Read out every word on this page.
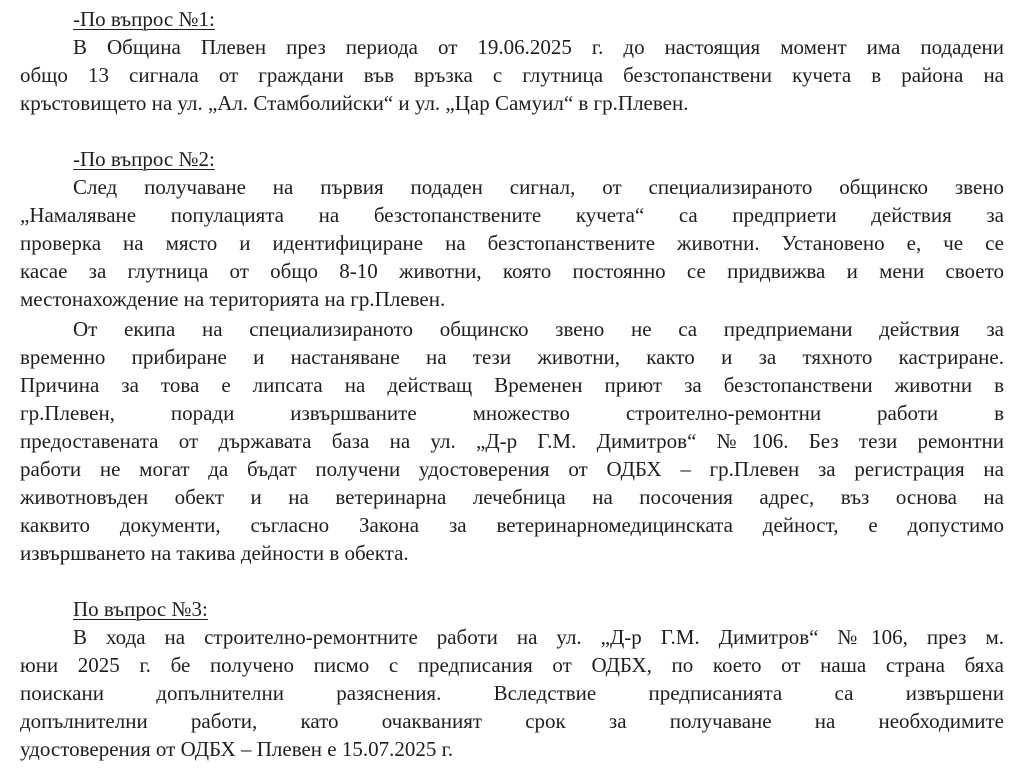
-По въпрос №1:
В Община Плевен през периода от 19.06.2025 г. до настоящия момент има подадени
общо 13 сигнала от граждани във връзка с глутница безстопанствени кучета в района на
кръстовището на ул. „Ал. Стамболийски“ и ул. „Цар Самуил“ в гр.Плевен.
-По въпрос №2:
След получаване на първия подаден сигнал, от специализираното общинско звено
„Намаляване популацията на безстопанствените кучета“ са предприети действия за
проверка на място и идентифициране на безстопанствените животни. Установено е, че се
касае за глутница от общо 8-10 животни, която постоянно се придвижва и мени своето
местонахождение на територията на гр.Плевен.
От екипа на специализираното общинско звено не са предприемани действия за
временно прибиране и настаняване на тези животни, както и за тяхното кастриране.
Причина за това е липсата на действащ Временен приют за безстопанствени животни в
гр.Плевен, поради извършваните множество строително-ремонтни работи в
предоставената от държавата база на ул. „Д-р Г.М. Димитров“ №106. Без тези ремонтни
работи не могат да бъдат получени удостоверения от ОДБХ – гр.Плевен за регистрация на
животновъден обект и на ветеринарна лечебница на посочения адрес, въз основа на
каквито документи, съгласно Закона за ветеринарномедицинската дейност, е допустимо
извършването на такива дейности в обекта.
По въпрос №3:
В хода на строително-ремонтните работи на ул. „Д-р Г.М. Димитров“ №106, през м.
юни 2025 г. бе получено писмо с предписания от ОДБХ, по което от наша страна бяха
поискани допълнителни разяснения. Вследствие предписанията са извършени
допълнителни работи, като очакваният срок за получаване на необходимите
удостоверения от ОДБХ – Плевен е 15.07.2025 г.
